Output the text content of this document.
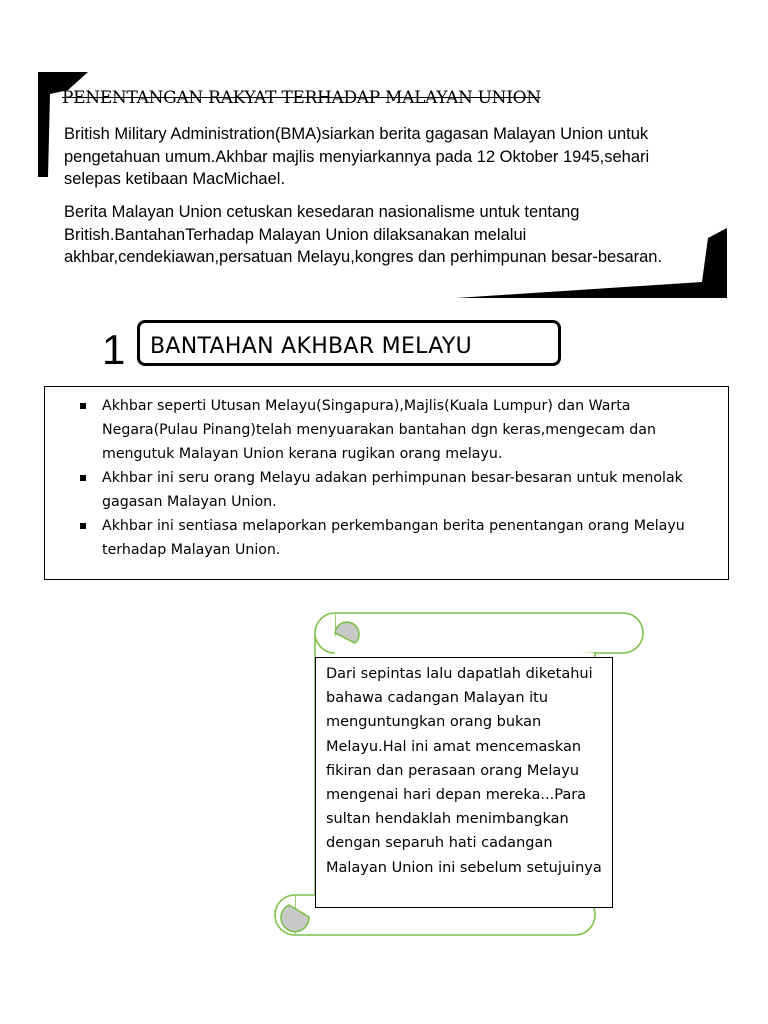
PENENTANGAN RAKYAT TERHADAP MALAYAN UNION

British Military Administration(BMA)siarkan berita gagasan Malayan Union untuk pengetahuan umum.Akhbar majlis menyiarkannya pada 12 Oktober 1945,sehari selepas ketibaan MacMichael.

Berita Malayan Union cetuskan kesedaran nasionalisme untuk tentang British.BantahanTerhadap Malayan Union dilaksanakan melalui akhbar,cendekiawan,persatuan Melayu,kongres dan perhimpunan besar-besaran.

1 BANTAHAN AKHBAR MELAYU
Akhbar seperti Utusan Melayu(Singapura),Majlis(Kuala Lumpur) dan Warta Negara(Pulau Pinang)telah menyuarakan bantahan dgn keras,mengecam dan mengutuk Malayan Union kerana rugikan orang melayu.
Akhbar ini seru orang Melayu adakan perhimpunan besar-besaran untuk menolak gagasan Malayan Union.
Akhbar ini sentiasa melaporkan perkembangan berita penentangan orang Melayu terhadap Malayan Union.

Dari sepintas lalu dapatlah diketahui bahawa cadangan Malayan itu menguntungkan orang bukan Melayu.Hal ini amat mencemaskan fikiran dan perasaan orang Melayu mengenai hari depan mereka...Para sultan hendaklah menimbangkan dengan separuh hati cadangan Malayan Union ini sebelum setujuinya
